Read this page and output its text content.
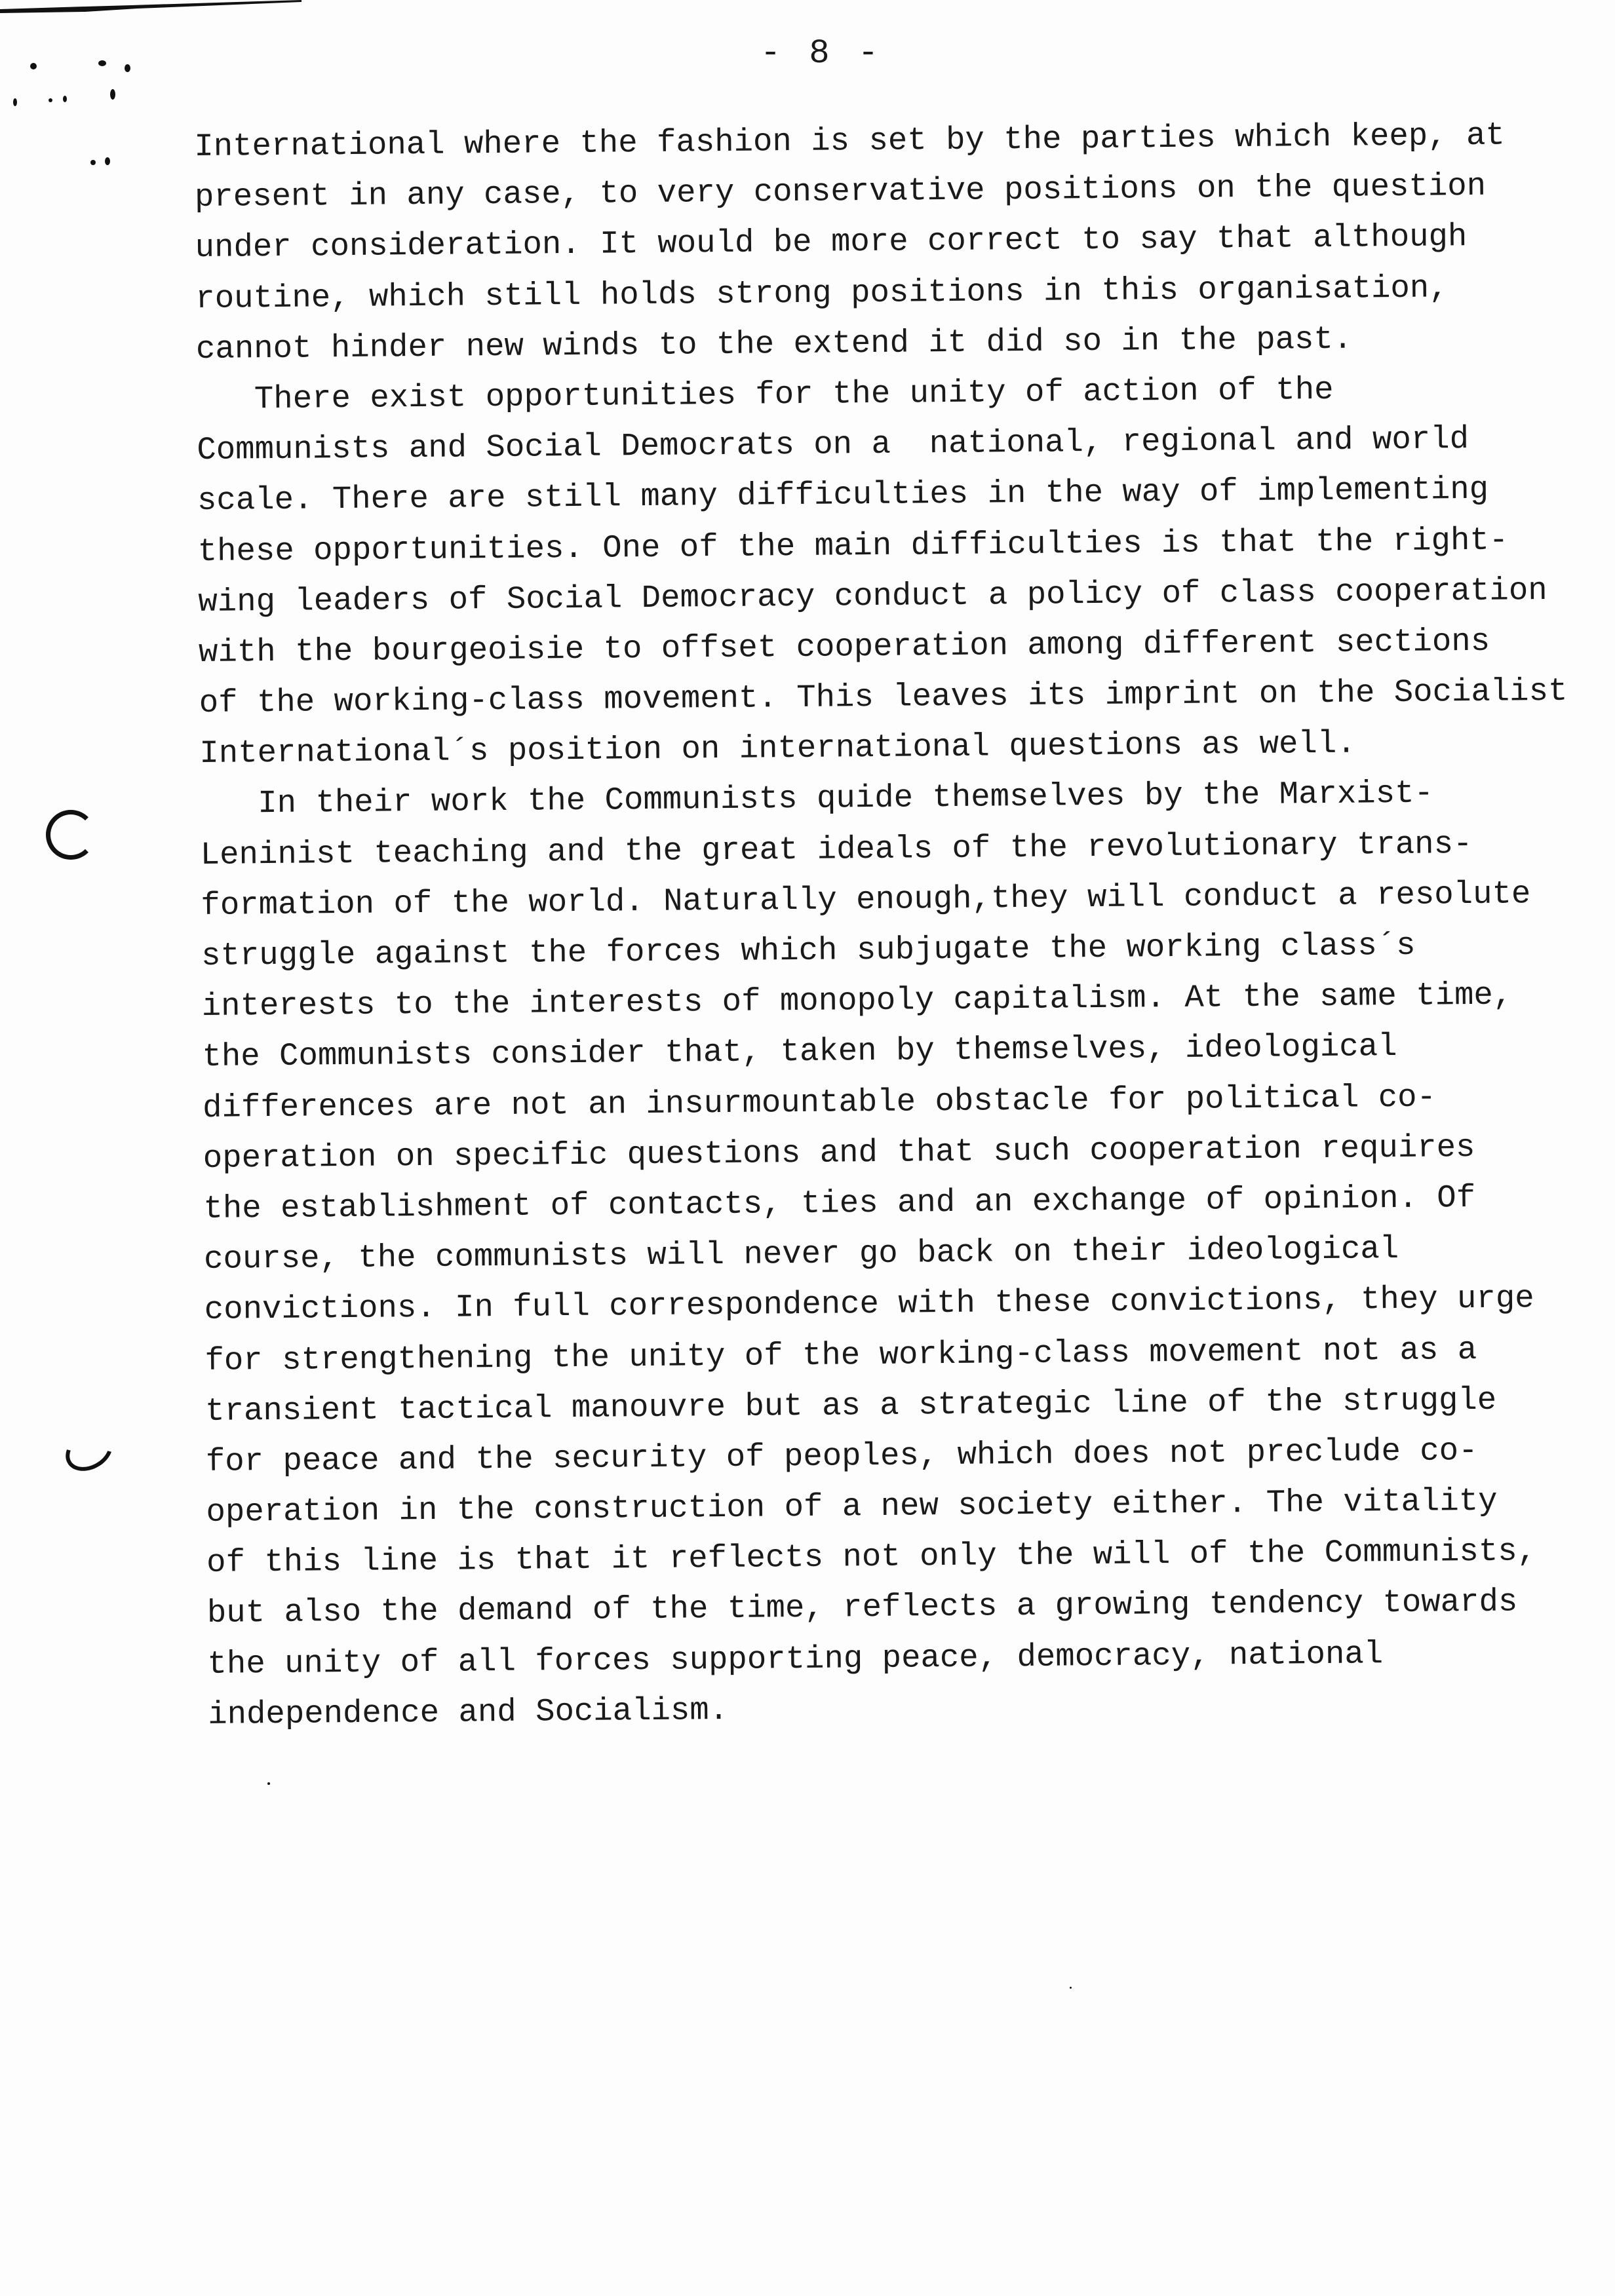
- 8 -
International where the fashion is set by the parties which keep, at
present in any case, to very conservative positions on the question
under consideration. It would be more correct to say that although
routine, which still holds strong positions in this organisation,
cannot hinder new winds to the extend it did so in the past.
There exist opportunities for the unity of action of the
Communists and Social Democrats on a  national, regional and world
scale. There are still many difficulties in the way of implementing
these opportunities. One of the main difficulties is that the right-
wing leaders of Social Democracy conduct a policy of class cooperation
with the bourgeoisie to offset cooperation among different sections
of the working-class movement. This leaves its imprint on the Socialist
International´s position on international questions as well.
In their work the Communists quide themselves by the Marxist-
Leninist teaching and the great ideals of the revolutionary trans-
formation of the world. Naturally enough,they will conduct a resolute
struggle against the forces which subjugate the working class´s
interests to the interests of monopoly capitalism. At the same time,
the Communists consider that, taken by themselves, ideological
differences are not an insurmountable obstacle for political co-
operation on specific questions and that such cooperation requires
the establishment of contacts, ties and an exchange of opinion. Of
course, the communists will never go back on their ideological
convictions. In full correspondence with these convictions, they urge
for strengthening the unity of the working-class movement not as a
transient tactical manouvre but as a strategic line of the struggle
for peace and the security of peoples, which does not preclude co-
operation in the construction of a new society either. The vitality
of this line is that it reflects not only the will of the Communists,
but also the demand of the time, reflects a growing tendency towards
the unity of all forces supporting peace, democracy, national
independence and Socialism.
